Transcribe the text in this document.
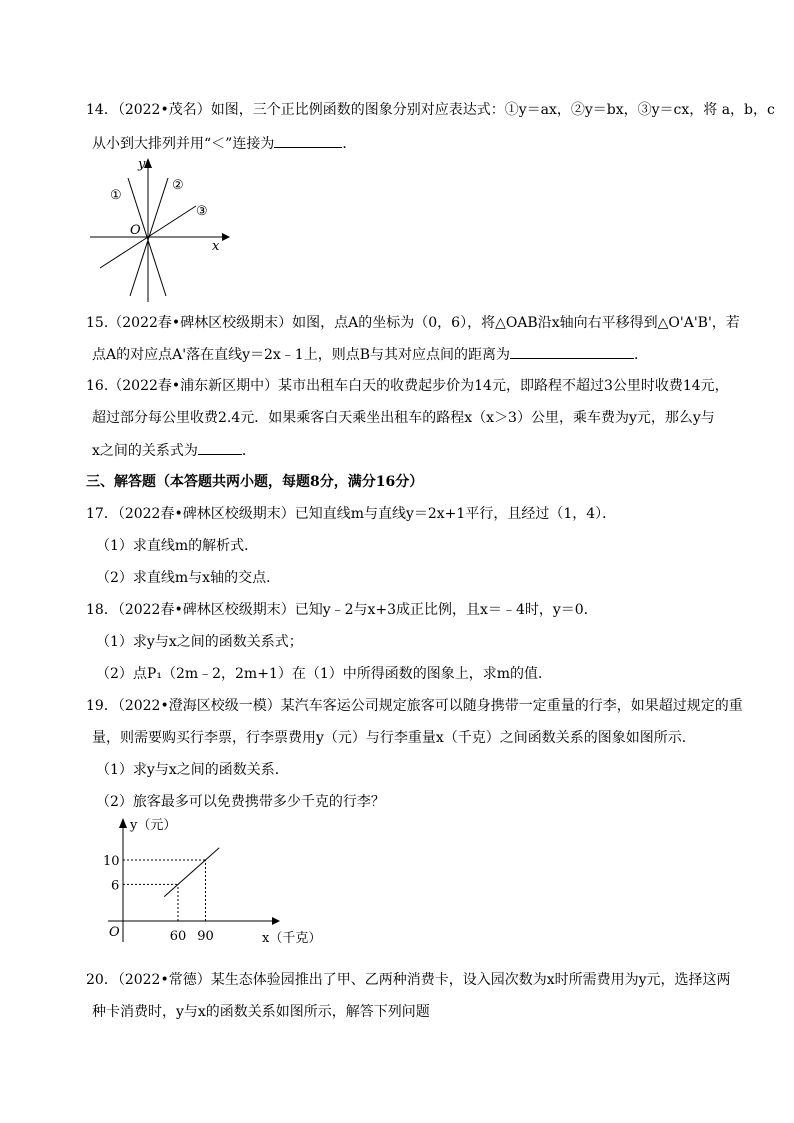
14．（2022•茂名）如图，三个正比例函数的图象分别对应表达式：①y＝ax，②y＝bx，③y＝cx，将 a，b，c
从小到大排列并用“＜”连接为	．
y
x
O
①
②
③
15.（2022春•碑林区校级期末）如图，点A的坐标为（0，6），将△OAB沿x轴向右平移得到△O'A'B'，若
点A的对应点A'落在直线y＝2x﹣1上，则点B与其对应点间的距离为	．
16.（2022春•浦东新区期中）某市出租车白天的收费起步价为14元，即路程不超过3公里时收费14元，
超过部分每公里收费2.4元．如果乘客白天乘坐出租车的路程x（x＞3）公里，乘车费为y元，那么y与
x之间的关系式为	．
三、解答题（本答题共两小题，每题8分，满分16分）
17．（2022春•碑林区校级期末）已知直线m与直线y＝2x+1平行，且经过（1，4）．
（1）求直线m的解析式．
（2）求直线m与x轴的交点．
18．（2022春•碑林区校级期末）已知y﹣2与x+3成正比例，且x＝﹣4时，y＝0．
（1）求y与x之间的函数关系式；
（2）点P₁（2m﹣2，2m+1）在（1）中所得函数的图象上，求m的值．
19．（2022•澄海区校级一模）某汽车客运公司规定旅客可以随身携带一定重量的行李，如果超过规定的重
量，则需要购买行李票，行李票费用y（元）与行李重量x（千克）之间函数关系的图象如图所示．
（1）求y与x之间的函数关系．
（2）旅客最多可以免费携带多少千克的行李？
y（元）
x（千克）
O
10
6
60 90
20．（2022•常德）某生态体验园推出了甲、乙两种消费卡，设入园次数为x时所需费用为y元，选择这两
种卡消费时，y与x的函数关系如图所示，解答下列问题
